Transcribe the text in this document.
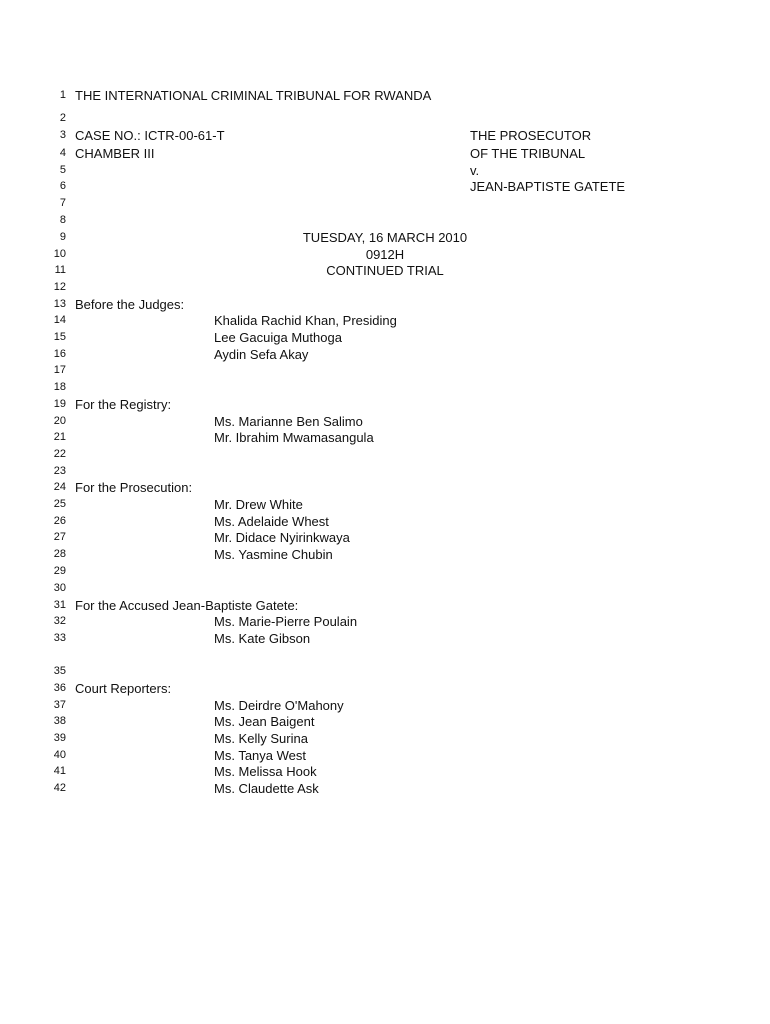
1 THE INTERNATIONAL CRIMINAL TRIBUNAL FOR RWANDA
2
3 CASE NO.: ICTR-00-61-T	THE PROSECUTOR
4 CHAMBER III	OF THE TRIBUNAL
5	v.
6	JEAN-BAPTISTE GATETE
7
8
9	TUESDAY, 16 MARCH 2010
10	0912H
11	CONTINUED TRIAL
12
13 Before the Judges:
14	Khalida Rachid Khan, Presiding
15	Lee Gacuiga Muthoga
16	Aydin Sefa Akay
17
18
19 For the Registry:
20	Ms. Marianne Ben Salimo
21	Mr. Ibrahim Mwamasangula
22
23
24 For the Prosecution:
25	Mr. Drew White
26	Ms. Adelaide Whest
27	Mr. Didace Nyirinkwaya
28	Ms. Yasmine Chubin
29
30
31 For the Accused Jean-Baptiste Gatete:
32	Ms. Marie-Pierre Poulain
33	Ms. Kate Gibson
35
36 Court Reporters:
37	Ms. Deirdre O'Mahony
38	Ms. Jean Baigent
39	Ms. Kelly Surina
40	Ms. Tanya West
41	Ms. Melissa Hook
42	Ms. Claudette Ask
